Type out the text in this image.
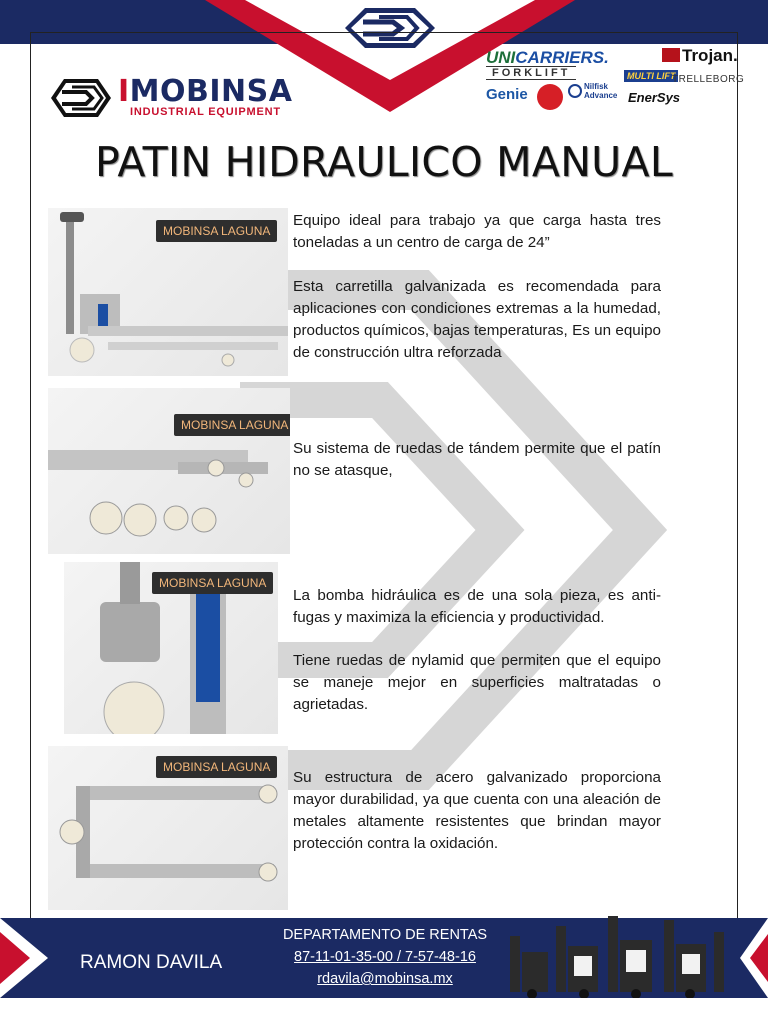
IMOBINSA
INDUSTRIAL EQUIPMENT
UNICARRIERS.
FORKLIFT
Trojan.
MULTI LIFT
TRELLEBORG
Genie	Nilfisk
Advance EnerSys
PATIN HIDRAULICO MANUAL
MOBINSA LAGUNA
MOBINSA LAGUNA
MOBINSA LAGUNA
MOBINSA LAGUNA
Equipo ideal para trabajo ya que carga hasta tres toneladas a un centro de carga de 24”
Esta carretilla galvanizada es recomendada para aplicaciones con condiciones extremas a la humedad, productos químicos, bajas temperaturas, Es un equipo de construcción ultra reforzada
Su sistema de ruedas de tándem permite que el patín no se atasque,
La bomba hidráulica es de una sola pieza, es anti-fugas y maximiza la eficiencia y productividad.
Tiene ruedas de nylamid que permiten que el equipo se maneje mejor en superficies maltratadas o agrietadas.
Su estructura de acero galvanizado proporciona mayor durabilidad, ya que cuenta con una aleación de metales altamente resistentes que brindan mayor protección contra la oxidación.
RAMON DAVILA
DEPARTAMENTO DE RENTAS
87-11-01-35-00 / 7-57-48-16
rdavila@mobinsa.mx
